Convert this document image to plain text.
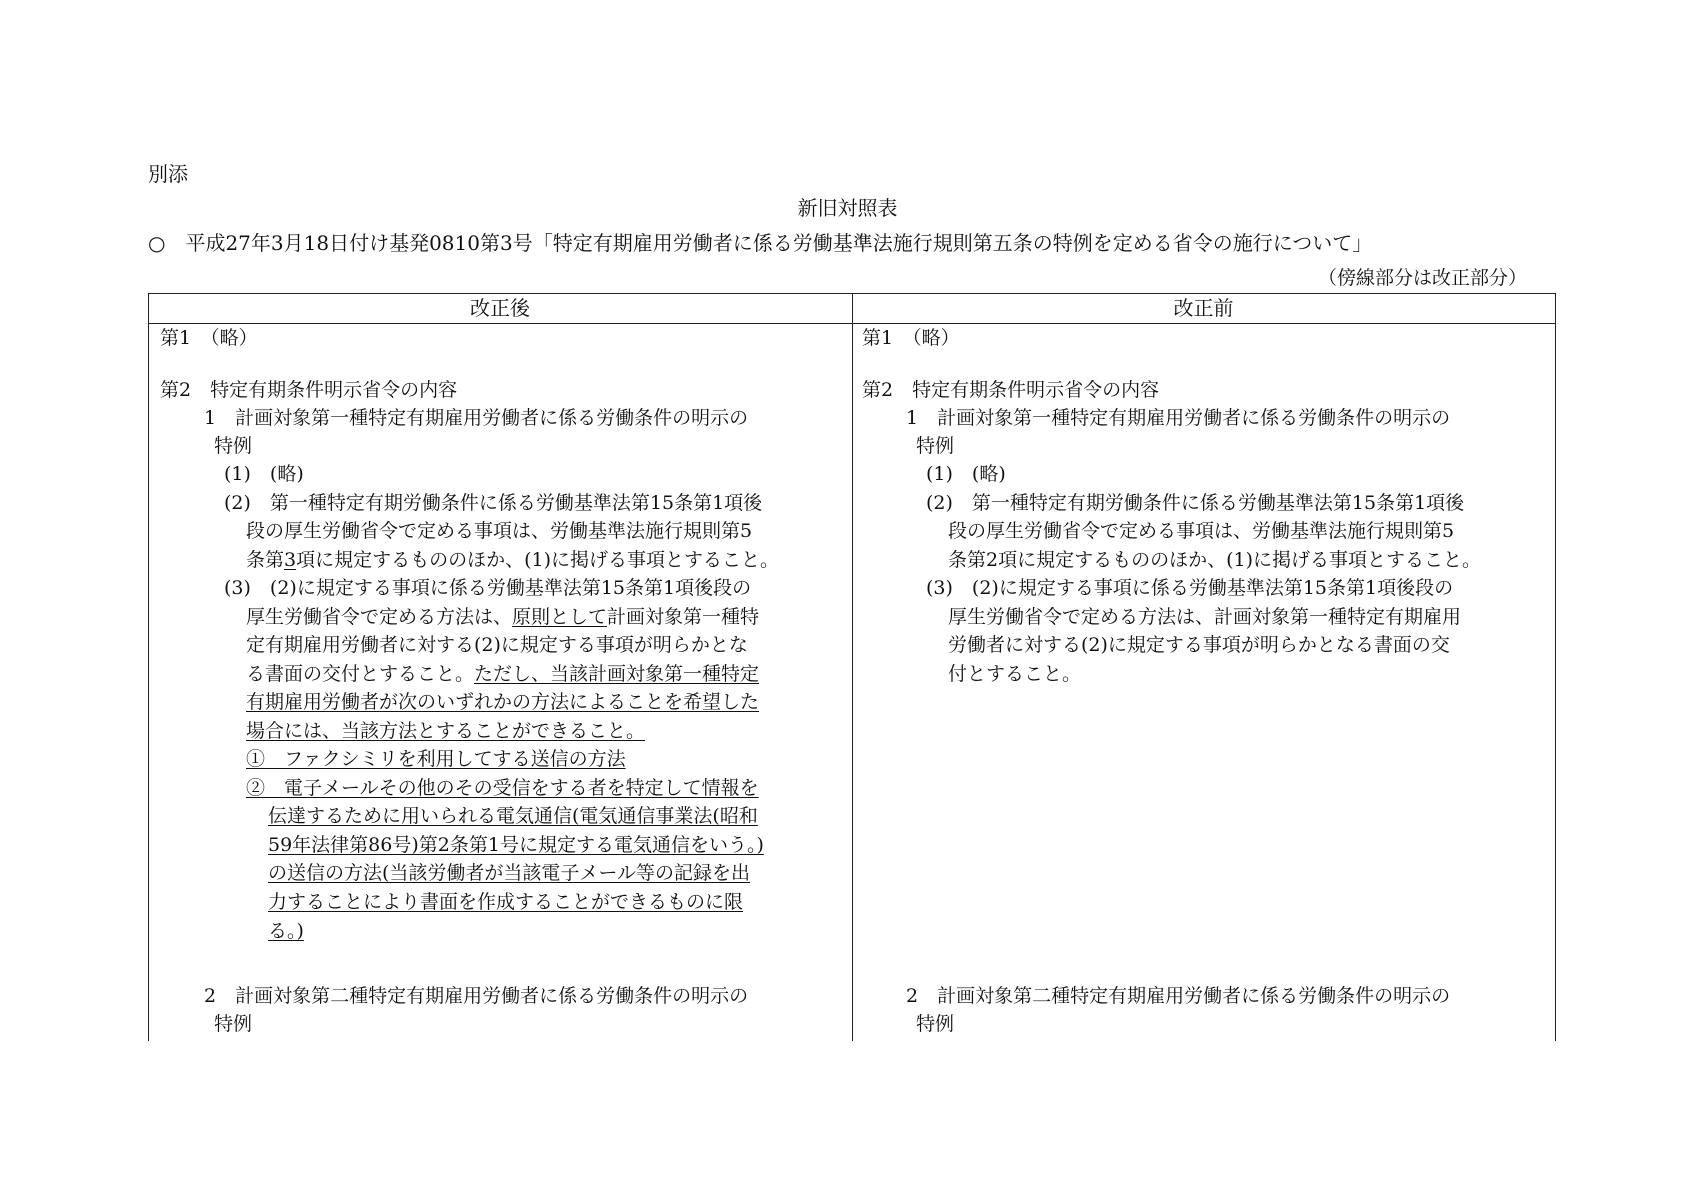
別添
新旧対照表
○　平成27年3月18日付け基発0810第3号「特定有期雇用労働者に係る労働基準法施行規則第五条の特例を定める省令の施行について」
（傍線部分は改正部分）
改正後	改正前
第1　（略）
第2　特定有期条件明示省令の内容
1　計画対象第一種特定有期雇用労働者に係る労働条件の明示の
特例
(1)　(略)
(2)　第一種特定有期労働条件に係る労働基準法第15条第1項後
段の厚生労働省令で定める事項は、労働基準法施行規則第5
条第3項に規定するもののほか、(1)に掲げる事項とすること。
(3)　(2)に規定する事項に係る労働基準法第15条第1項後段の
厚生労働省令で定める方法は、原則として計画対象第一種特
定有期雇用労働者に対する(2)に規定する事項が明らかとな
る書面の交付とすること。ただし、当該計画対象第一種特定
有期雇用労働者が次のいずれかの方法によることを希望した
場合には、当該方法とすることができること。
①　ファクシミリを利用してする送信の方法
②　電子メールその他のその受信をする者を特定して情報を
伝達するために用いられる電気通信(電気通信事業法(昭和
59年法律第86号)第2条第1号に規定する電気通信をいう。)
の送信の方法(当該労働者が当該電子メール等の記録を出
力することにより書面を作成することができるものに限
る。)
2　計画対象第二種特定有期雇用労働者に係る労働条件の明示の
特例
第1　（略）
第2　特定有期条件明示省令の内容
1　計画対象第一種特定有期雇用労働者に係る労働条件の明示の
特例
(1)　(略)
(2)　第一種特定有期労働条件に係る労働基準法第15条第1項後
段の厚生労働省令で定める事項は、労働基準法施行規則第5
条第2項に規定するもののほか、(1)に掲げる事項とすること。
(3)　(2)に規定する事項に係る労働基準法第15条第1項後段の
厚生労働省令で定める方法は、計画対象第一種特定有期雇用
労働者に対する(2)に規定する事項が明らかとなる書面の交
付とすること。
2　計画対象第二種特定有期雇用労働者に係る労働条件の明示の
特例
